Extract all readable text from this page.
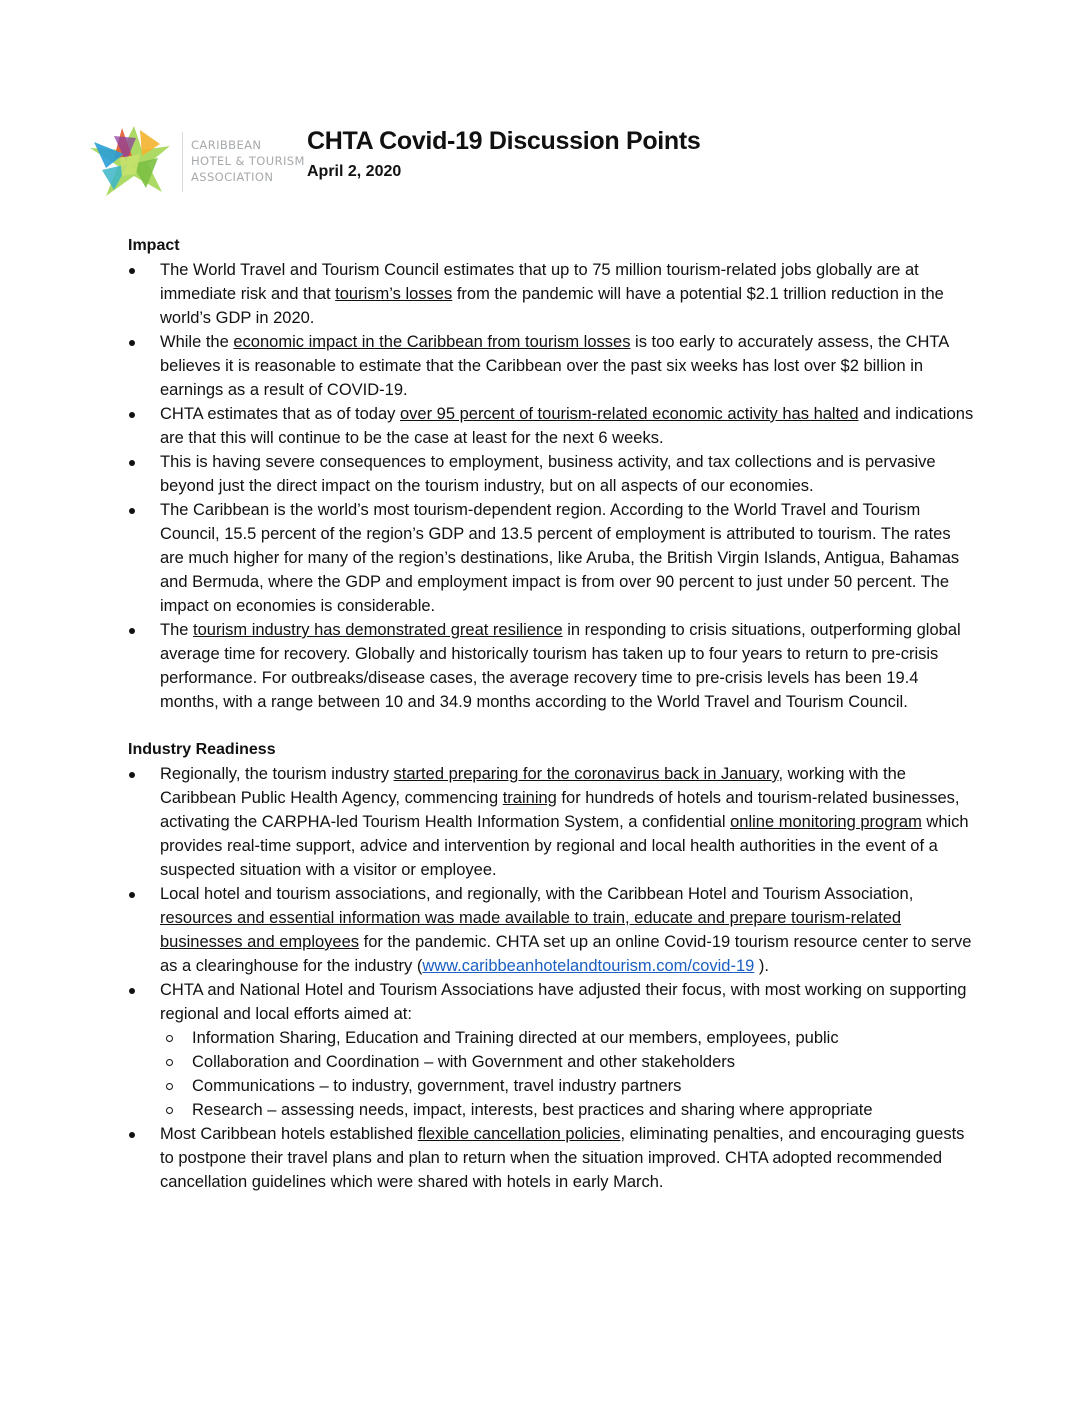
CARIBBEAN
HOTEL & TOURISM
ASSOCIATION
CHTA Covid-19 Discussion Points
April 2, 2020
Impact
The World Travel and Tourism Council estimates that up to 75 million tourism-related jobs globally are at immediate risk and that tourism’s losses from the pandemic will have a potential $2.1 trillion reduction in the world’s GDP in 2020.
While the economic impact in the Caribbean from tourism losses is too early to accurately assess, the CHTA believes it is reasonable to estimate that the Caribbean over the past six weeks has lost over $2 billion in earnings as a result of COVID-19.
CHTA estimates that as of today over 95 percent of tourism-related economic activity has halted and indications are that this will continue to be the case at least for the next 6 weeks.
This is having severe consequences to employment, business activity, and tax collections and is pervasive beyond just the direct impact on the tourism industry, but on all aspects of our economies.
The Caribbean is the world’s most tourism-dependent region. According to the World Travel and Tourism Council, 15.5 percent of the region’s GDP and 13.5 percent of employment is attributed to tourism. The rates are much higher for many of the region’s destinations, like Aruba, the British Virgin Islands, Antigua, Bahamas and Bermuda, where the GDP and employment impact is from over 90 percent to just under 50 percent. The impact on economies is considerable.
The tourism industry has demonstrated great resilience in responding to crisis situations, outperforming global average time for recovery. Globally and historically tourism has taken up to four years to return to pre-crisis performance. For outbreaks/disease cases, the average recovery time to pre-crisis levels has been 19.4 months, with a range between 10 and 34.9 months according to the World Travel and Tourism Council.
Industry Readiness
Regionally, the tourism industry started preparing for the coronavirus back in January, working with the Caribbean Public Health Agency, commencing training for hundreds of hotels and tourism-related businesses, activating the CARPHA-led Tourism Health Information System, a confidential online monitoring program which provides real-time support, advice and intervention by regional and local health authorities in the event of a suspected situation with a visitor or employee.
Local hotel and tourism associations, and regionally, with the Caribbean Hotel and Tourism Association, resources and essential information was made available to train, educate and prepare tourism-related businesses and employees for the pandemic. CHTA set up an online Covid-19 tourism resource center to serve as a clearinghouse for the industry (www.caribbeanhotelandtourism.com/covid-19 ).
CHTA and National Hotel and Tourism Associations have adjusted their focus, with most working on supporting regional and local efforts aimed at:
Information Sharing, Education and Training directed at our members, employees, public
Collaboration and Coordination – with Government and other stakeholders
Communications – to industry, government, travel industry partners
Research – assessing needs, impact, interests, best practices and sharing where appropriate
Most Caribbean hotels established flexible cancellation policies, eliminating penalties, and encouraging guests to postpone their travel plans and plan to return when the situation improved. CHTA adopted recommended cancellation guidelines which were shared with hotels in early March.
